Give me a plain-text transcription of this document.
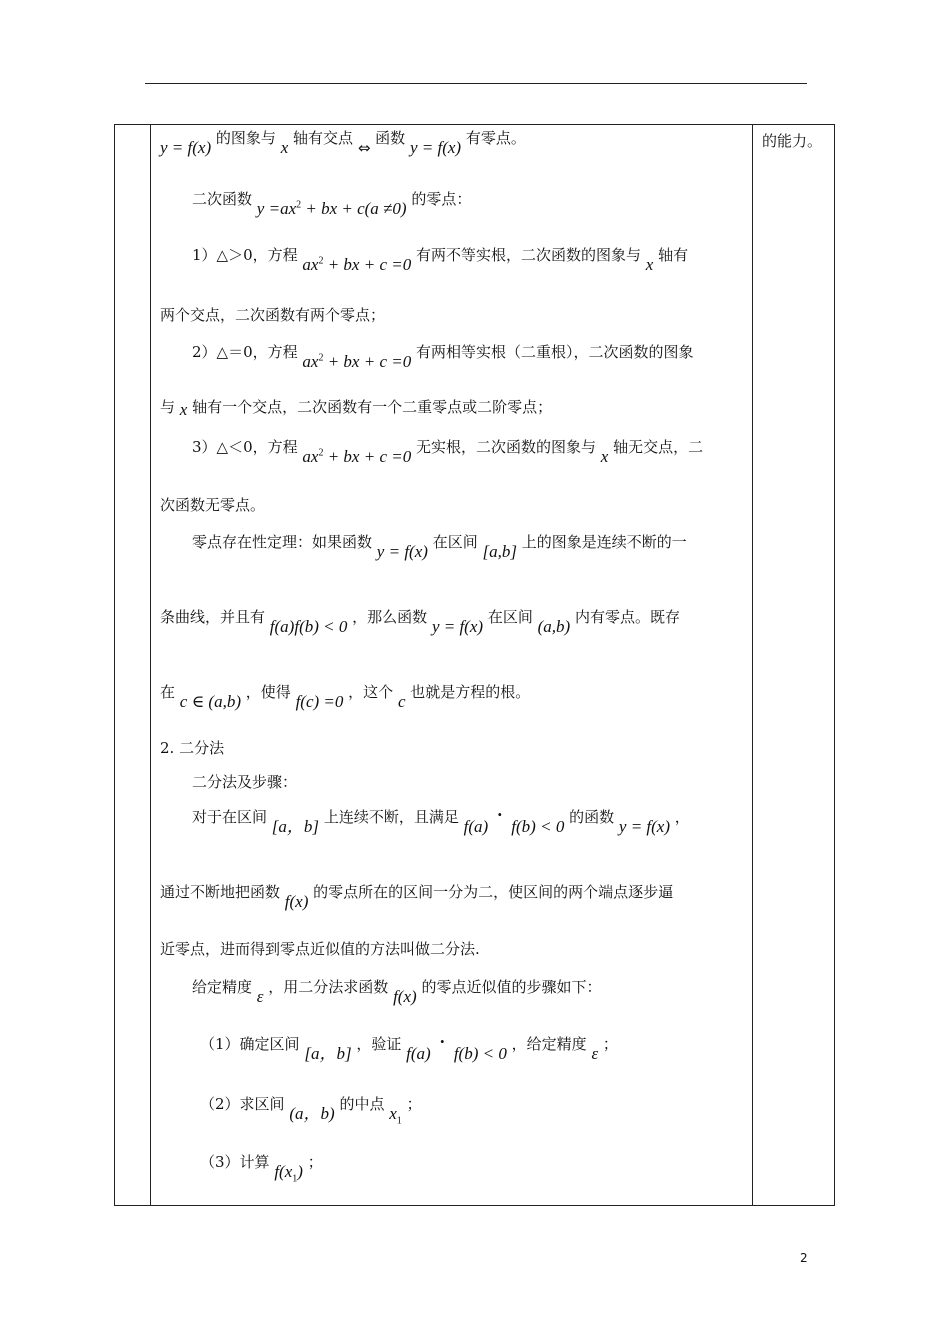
的能力。
y = f(x) 的图象与 x 轴有交点 ⇔ 函数 y = f(x) 有零点。
二次函数 $y =ax^2$ + bx + c(a ≠0) 的零点：
1）△＞0，方程 $ax^2$ + bx + c =0 有两不等实根，二次函数的图象与 x 轴有
两个交点，二次函数有两个零点；
2）△＝0，方程 $ax^2$ + bx + c =0 有两相等实根（二重根），二次函数的图象
与 x 轴有一个交点，二次函数有一个二重零点或二阶零点；
3）△＜0，方程 $ax^2$ + bx + c =0 无实根，二次函数的图象与 x 轴无交点，二
次函数无零点。
零点存在性定理：如果函数 y = f(x) 在区间 [a,b] 上的图象是连续不断的一
条曲线，并且有 f(a)f(b) < 0 ，那么函数 y = f(x) 在区间 (a,b) 内有零点。既存
在 c ∈ (a,b) ，使得 f(c) =0 ，这个 c 也就是方程的根。
2. 二分法
二分法及步骤：
对于在区间 [a，b] 上连续不断，且满足 f(a) · f(b) < 0 的函数 y = f(x) ，
通过不断地把函数 f(x) 的零点所在的区间一分为二，使区间的两个端点逐步逼
近零点，进而得到零点近似值的方法叫做二分法.
给定精度 ε ，用二分法求函数 f(x) 的零点近似值的步骤如下：
（1）确定区间 [a，b] ，验证 f(a) · f(b) < 0 ，给定精度 ε ；
（2）求区间 (a，b) 的中点 $x_1$ ；
（3）计算 $f(x_1)$ ；
2
